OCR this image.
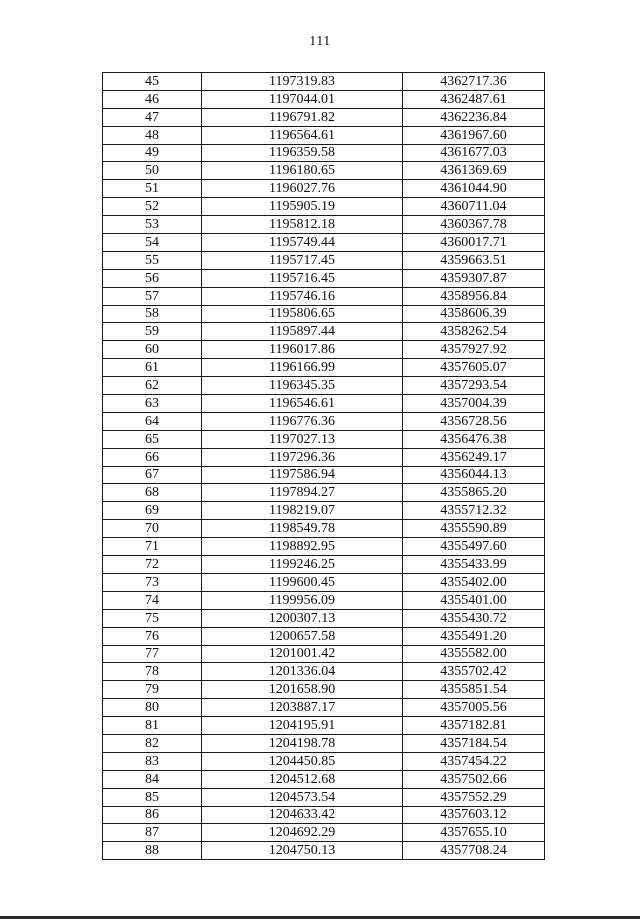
111
45	1197319.83	4362717.36
46	1197044.01	4362487.61
47	1196791.82	4362236.84
48	1196564.61	4361967.60
49	1196359.58	4361677.03
50	1196180.65	4361369.69
51	1196027.76	4361044.90
52	1195905.19	4360711.04
53	1195812.18	4360367.78
54	1195749.44	4360017.71
55	1195717.45	4359663.51
56	1195716.45	4359307.87
57	1195746.16	4358956.84
58	1195806.65	4358606.39
59	1195897.44	4358262.54
60	1196017.86	4357927.92
61	1196166.99	4357605.07
62	1196345.35	4357293.54
63	1196546.61	4357004.39
64	1196776.36	4356728.56
65	1197027.13	4356476.38
66	1197296.36	4356249.17
67	1197586.94	4356044.13
68	1197894.27	4355865.20
69	1198219.07	4355712.32
70	1198549.78	4355590.89
71	1198892.95	4355497.60
72	1199246.25	4355433.99
73	1199600.45	4355402.00
74	1199956.09	4355401.00
75	1200307.13	4355430.72
76	1200657.58	4355491.20
77	1201001.42	4355582.00
78	1201336.04	4355702.42
79	1201658.90	4355851.54
80	1203887.17	4357005.56
81	1204195.91	4357182.81
82	1204198.78	4357184.54
83	1204450.85	4357454.22
84	1204512.68	4357502.66
85	1204573.54	4357552.29
86	1204633.42	4357603.12
87	1204692.29	4357655.10
88	1204750.13	4357708.24
